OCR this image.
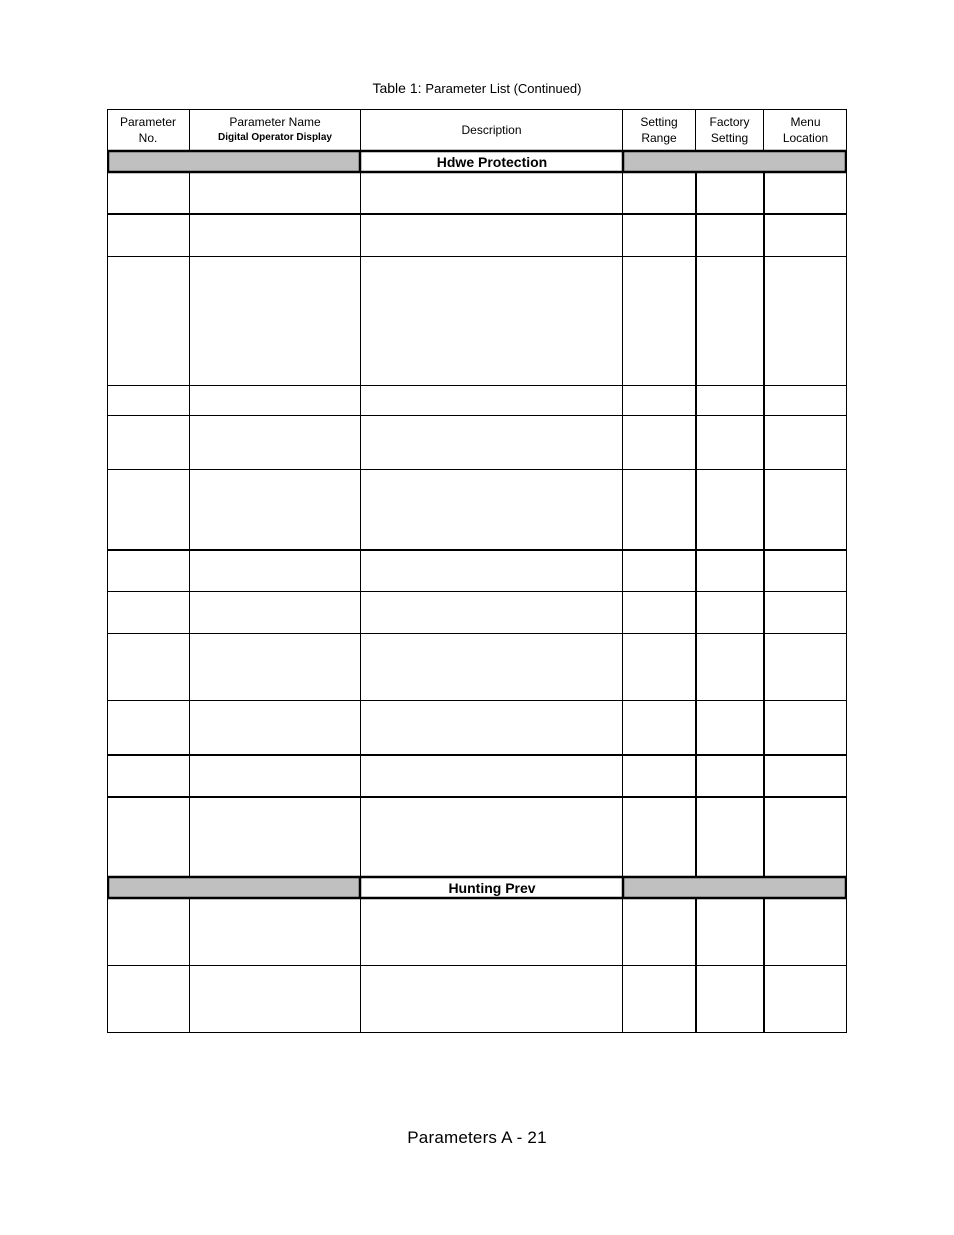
Table 1: Parameter List (Continued)
Parameter
No.
Parameter Name
Digital Operator Display
Description
Setting
Range
Factory
Setting
Menu
Location
Hdwe Protection
Hunting Prev
Parameters A - 21
